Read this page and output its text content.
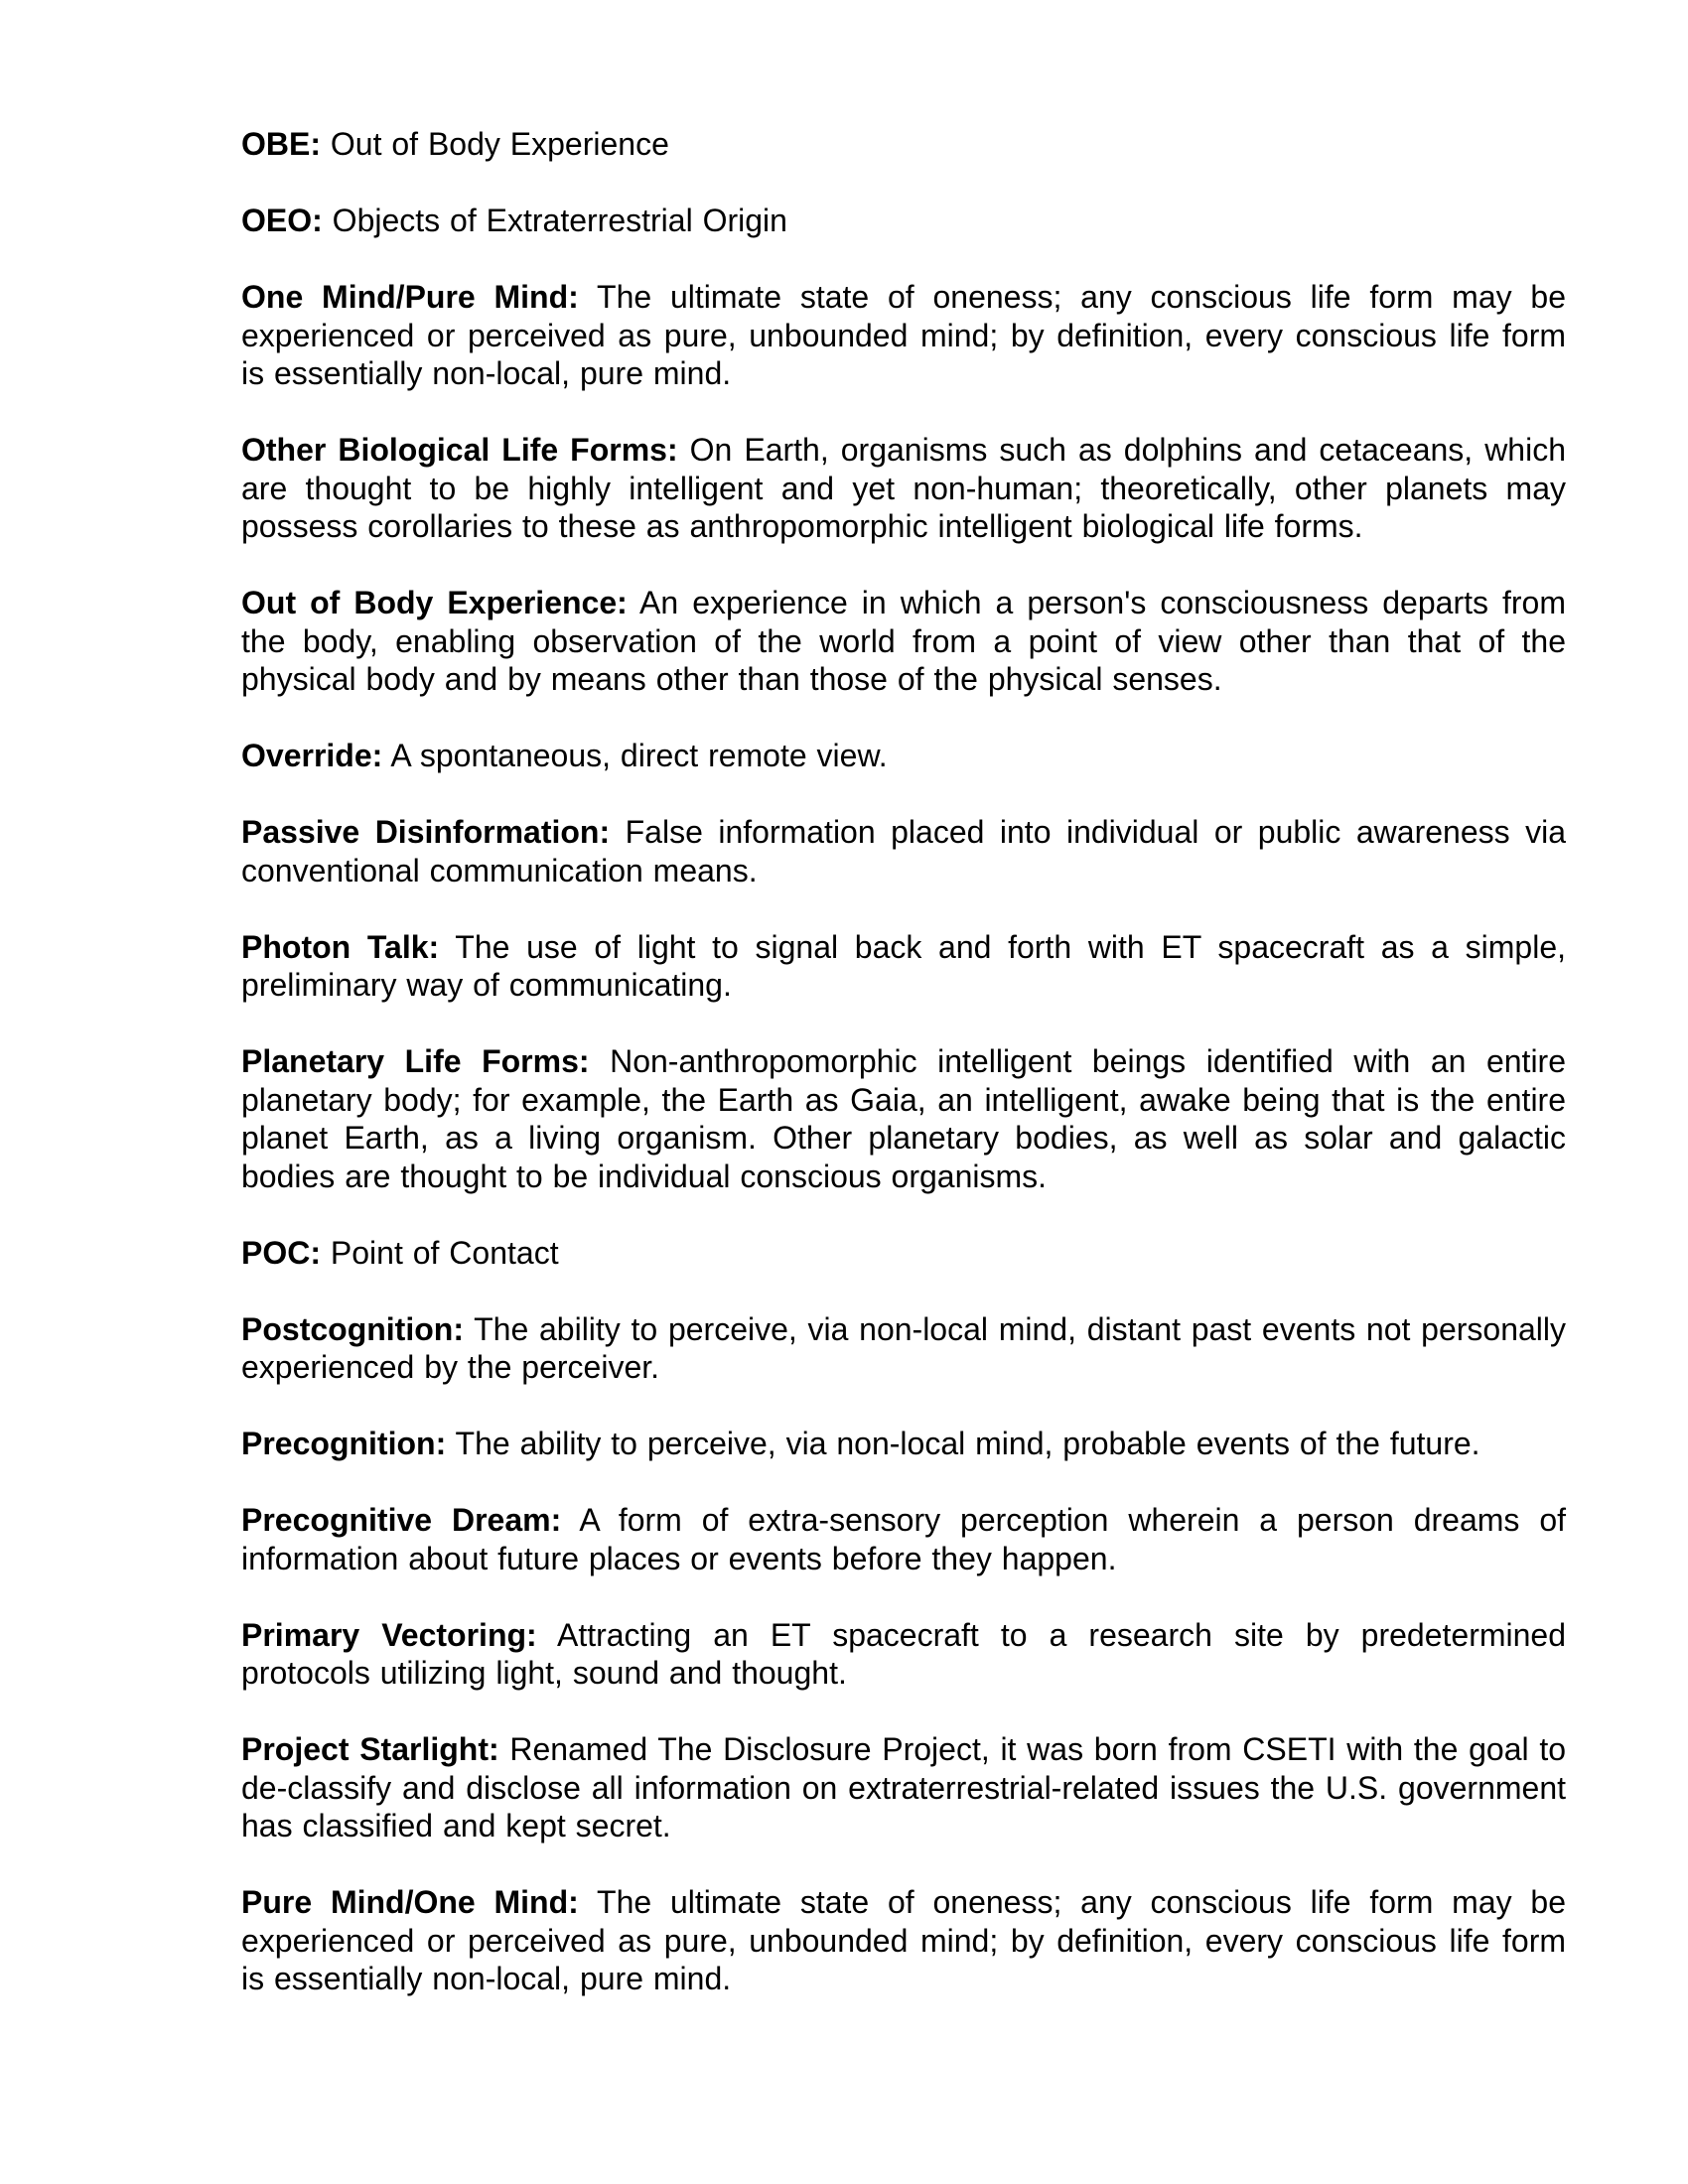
OBE: Out of Body Experience

OEO: Objects of Extraterrestrial Origin

One Mind/Pure Mind: The ultimate state of oneness; any conscious life form may be experienced or perceived as pure, unbounded mind; by definition, every conscious life form is essentially non-local, pure mind.

Other Biological Life Forms: On Earth, organisms such as dolphins and cetaceans, which are thought to be highly intelligent and yet non-human; theoretically, other planets may possess corollaries to these as anthropomorphic intelligent biological life forms.

Out of Body Experience: An experience in which a person's consciousness departs from the body, enabling observation of the world from a point of view other than that of the physical body and by means other than those of the physical senses.

Override: A spontaneous, direct remote view.

Passive Disinformation: False information placed into individual or public awareness via conventional communication means.

Photon Talk: The use of light to signal back and forth with ET spacecraft as a simple, preliminary way of communicating.

Planetary Life Forms: Non-anthropomorphic intelligent beings identified with an entire planetary body; for example, the Earth as Gaia, an intelligent, awake being that is the entire planet Earth, as a living organism. Other planetary bodies, as well as solar and galactic bodies are thought to be individual conscious organisms.

POC: Point of Contact

Postcognition: The ability to perceive, via non-local mind, distant past events not personally experienced by the perceiver.

Precognition: The ability to perceive, via non-local mind, probable events of the future.

Precognitive Dream: A form of extra-sensory perception wherein a person dreams of information about future places or events before they happen.

Primary Vectoring: Attracting an ET spacecraft to a research site by predetermined protocols utilizing light, sound and thought.

Project Starlight: Renamed The Disclosure Project, it was born from CSETI with the goal to de-classify and disclose all information on extraterrestrial-related issues the U.S. government has classified and kept secret.

Pure Mind/One Mind: The ultimate state of oneness; any conscious life form may be experienced or perceived as pure, unbounded mind; by definition, every conscious life form is essentially non-local, pure mind.
